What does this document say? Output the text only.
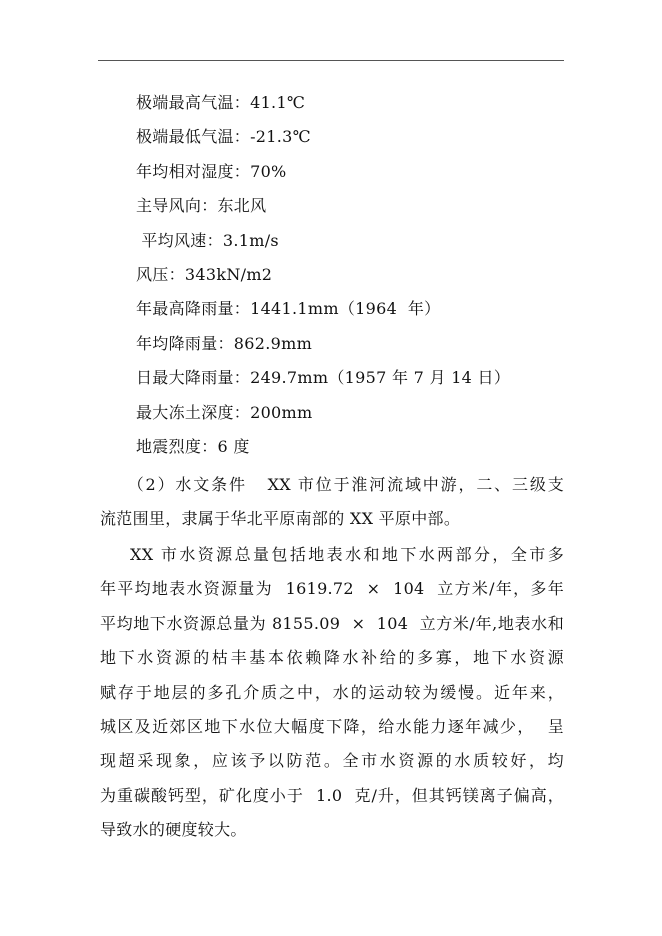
极端最高气温：41.1℃
极端最低气温：-21.3℃
年均相对湿度：70%
主导风向：东北风
平均风速：3.1m/s
风压：343kN/m2
年最高降雨量：1441.1mm（1964  年）
年均降雨量：862.9mm
日最大降雨量：249.7mm（1957 年 7 月 14 日）
最大冻土深度：200mm
地震烈度：6 度
（2）水文条件   XX 市位于淮河流域中游，二、三级支
流范围里，隶属于华北平原南部的 XX 平原中部。
XX 市水资源总量包括地表水和地下水两部分，全市多
年平均地表水资源量为  1619.72  ×  104  立方米/年，多年
平均地下水资源总量为 8155.09  ×  104  立方米/年,地表水和
地下水资源的枯丰基本依赖降水补给的多寡，地下水资源
赋存于地层的多孔介质之中，水的运动较为缓慢。近年来，
城区及近郊区地下水位大幅度下降，给水能力逐年减少，  呈
现超采现象，应该予以防范。全市水资源的水质较好，均
为重碳酸钙型，矿化度小于  1.0  克/升，但其钙镁离子偏高，
导致水的硬度较大。
